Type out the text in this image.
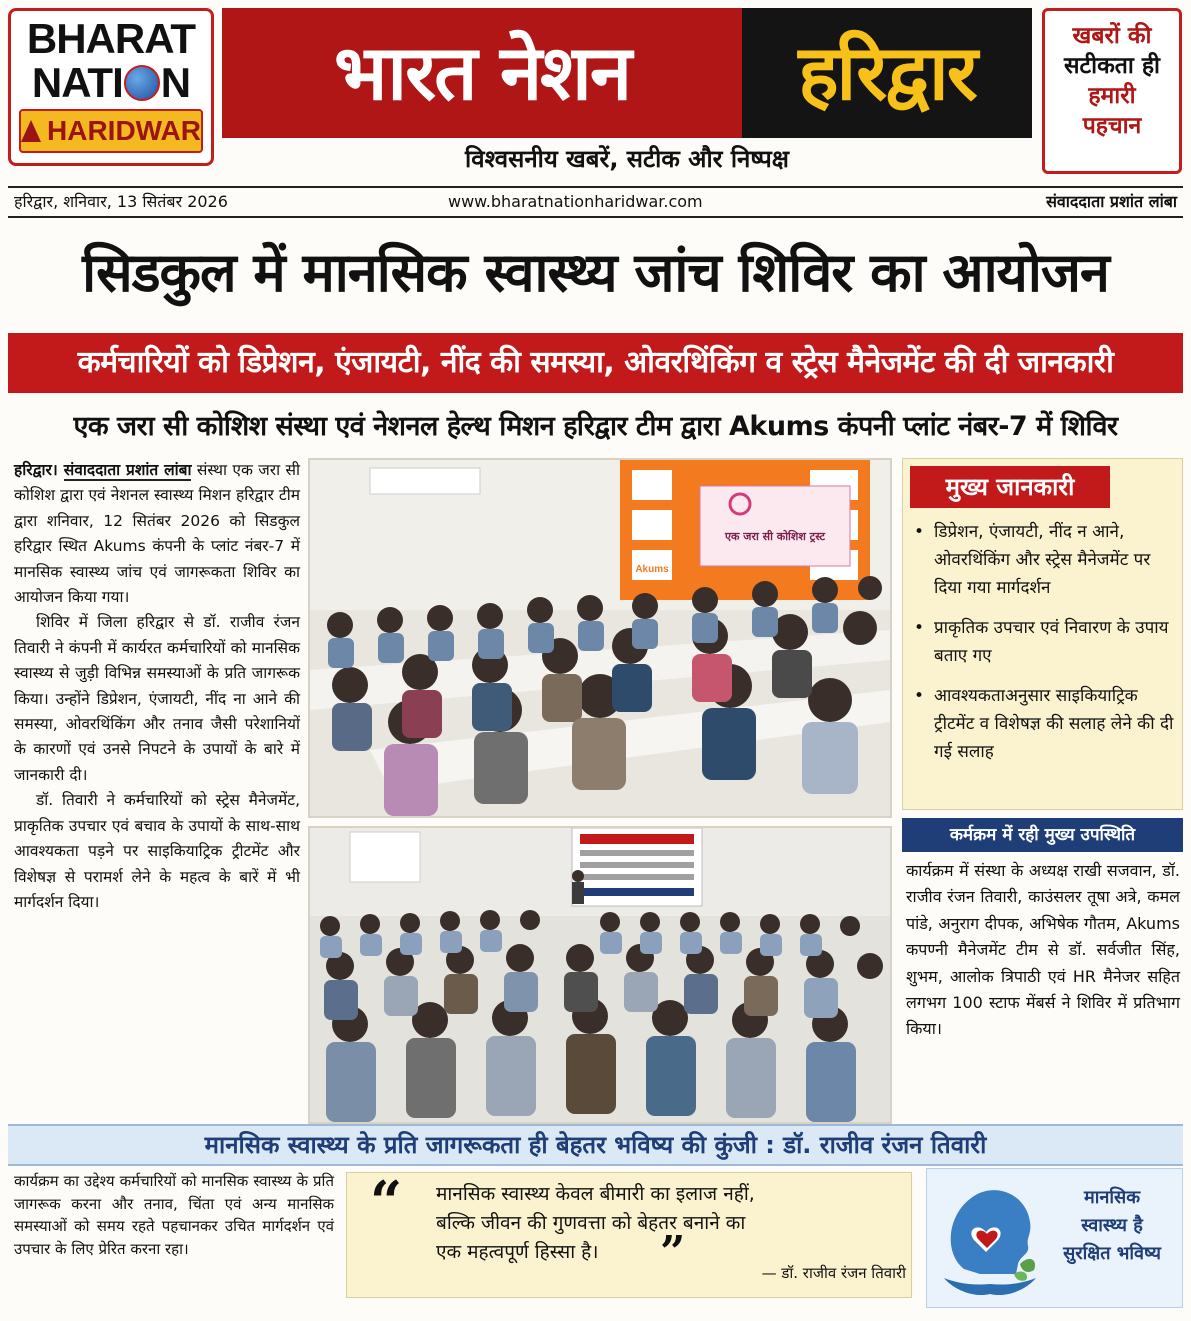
BHARAT
NATI N
HARIDWAR
भारत नेशन	हरिद्वार
विश्वसनीय खबरें, सटीक और निष्पक्ष
खबरों की
सटीकता ही
हमारी
पहचान
हरिद्वार, शनिवार, 13 सितंबर 2026	www.bharatnationharidwar.com	संवाददाता प्रशांत लांबा
सिडकुल में मानसिक स्वास्थ्य जांच शिविर का आयोजन
कर्मचारियों को डिप्रेशन, एंजायटी, नींद की समस्या, ओवरथिंकिंग व स्ट्रेस मैनेजमेंट की दी जानकारी
एक जरा सी कोशिश संस्था एवं नेशनल हेल्थ मिशन हरिद्वार टीम द्वारा Akums कंपनी प्लांट नंबर-7 में शिविर

हरिद्वार। संवाददाता प्रशांत लांबा संस्था एक जरा सी कोशिश द्वारा एवं नेशनल स्वास्थ्य मिशन हरिद्वार टीम द्वारा शनिवार, 12 सितंबर 2026 को सिडकुल हरिद्वार स्थित Akums कंपनी के प्लांट नंबर-7 में मानसिक स्वास्थ्य जांच एवं जागरूकता शिविर का आयोजन किया गया।

शिविर में जिला हरिद्वार से डॉ. राजीव रंजन तिवारी ने कंपनी में कार्यरत कर्मचारियों को मानसिक स्वास्थ्य से जुड़ी विभिन्न समस्याओं के प्रति जागरूक किया। उन्होंने डिप्रेशन, एंजायटी, नींद ना आने की समस्या, ओवरथिंकिंग और तनाव जैसी परेशानियों के कारणों एवं उनसे निपटने के उपायों के बारे में जानकारी दी।

डॉ. तिवारी ने कर्मचारियों को स्ट्रेस मैनेजमेंट, प्राकृतिक उपचार एवं बचाव के उपायों के साथ-साथ आवश्यकता पड़ने पर साइकियाट्रिक ट्रीटमेंट और विशेषज्ञ से परामर्श लेने के महत्व के बारें में भी मार्गदर्शन दिया।

एक जरा सी कोशिश ट्रस्ट
Akums
मुख्य जानकारी
• डिप्रेशन, एंजायटी, नींद न आने, ओवरथिंकिंग और स्ट्रेस मैनेजमेंट पर दिया गया मार्गदर्शन
• प्राकृतिक उपचार एवं निवारण के उपाय बताए गए
• आवश्यकताअनुसार साइकियाट्रिक ट्रीटमेंट व विशेषज्ञ की सलाह लेने की दी गई सलाह
कर्मक्रम में रही मुख्य उपस्थिति
कार्यक्रम में संस्था के अध्यक्ष राखी सजवान, डॉ. राजीव रंजन तिवारी, काउंसलर तूषा अत्रे, कमल पांडे, अनुराग दीपक, अभिषेक गौतम, Akums कपण्नी मैनेजमेंट टीम से डॉ. सर्वजीत सिंह, शुभम, आलोक त्रिपाठी एवं HR मैनेजर सहित लगभग 100 स्टाफ मेंबर्स ने शिविर में प्रतिभाग किया।
मानसिक स्वास्थ्य के प्रति जागरूकता ही बेहतर भविष्य की कुंजी : डॉ. राजीव रंजन तिवारी
कार्यक्रम का उद्देश्य कर्मचारियों को मानसिक स्वास्थ्य के प्रति जागरूक करना और तनाव, चिंता एवं अन्य मानसिक समस्याओं को समय रहते पहचानकर उचित मार्गदर्शन एवं उपचार के लिए प्रेरित करना रहा।
“	मानसिक स्वास्थ्य केवल बीमारी का इलाज नहीं,
बल्कि जीवन की गुणवत्ता को बेहतर बनाने का
एक महत्वपूर्ण हिस्सा है।	”	— डॉ. राजीव रंजन तिवारी
मानसिक
स्वास्थ्य है
सुरक्षित भविष्य
